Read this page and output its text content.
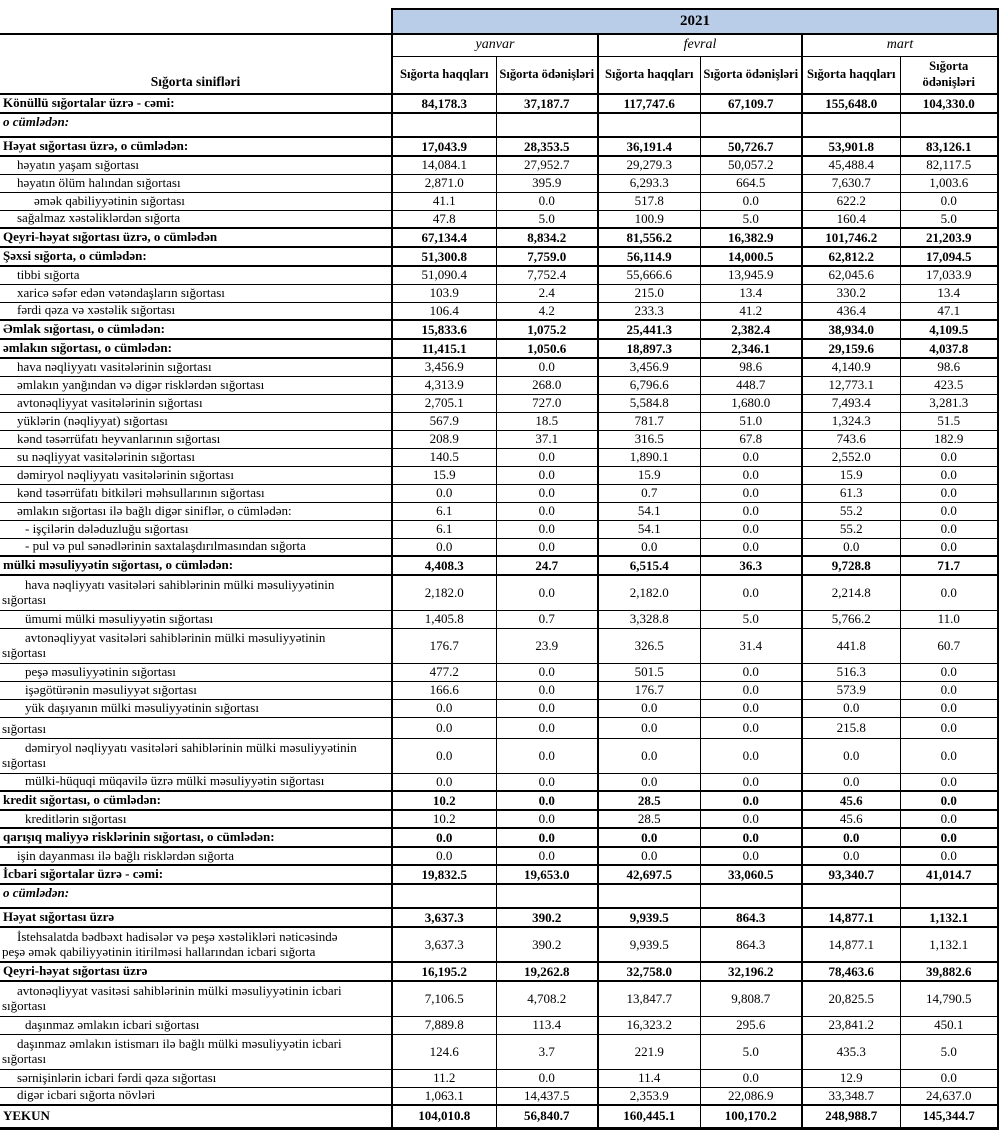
	2021					
Sığorta sinifləri	yanvar		fevral		mart	
	Sığorta haqqları	Sığorta ödənişləri	Sığorta haqqları	Sığorta ödənişləri	Sığorta haqqları	Sığorta ödənişləri

Könüllü sığortalar üzrə - cəmi:	84,178.3	37,187.7	117,747.6	67,109.7	155,648.0	104,330.0

o cümlədən:						

Həyat sığortası üzrə, o cümlədən:	17,043.9	28,353.5	36,191.4	50,726.7	53,901.8	83,126.1

həyatın yaşam sığortası	14,084.1	27,952.7	29,279.3	50,057.2	45,488.4	82,117.5

həyatın ölüm halından sığortası	2,871.0	395.9	6,293.3	664.5	7,630.7	1,003.6

əmək qabiliyyətinin sığortası	41.1	0.0	517.8	0.0	622.2	0.0

sağalmaz xəstəliklərdən sığorta	47.8	5.0	100.9	5.0	160.4	5.0

Qeyri-həyat sığortası üzrə, o cümlədən	67,134.4	8,834.2	81,556.2	16,382.9	101,746.2	21,203.9

Şəxsi sığorta, o cümlədən:	51,300.8	7,759.0	56,114.9	14,000.5	62,812.2	17,094.5

tibbi sığorta	51,090.4	7,752.4	55,666.6	13,945.9	62,045.6	17,033.9

xaricə səfər edən vətəndaşların sığortası	103.9	2.4	215.0	13.4	330.2	13.4

fərdi qəza və xəstəlik sığortası	106.4	4.2	233.3	41.2	436.4	47.1

Əmlak sığortası, o cümlədən:	15,833.6	1,075.2	25,441.3	2,382.4	38,934.0	4,109.5

əmlakın sığortası, o cümlədən:	11,415.1	1,050.6	18,897.3	2,346.1	29,159.6	4,037.8

hava nəqliyyatı vasitələrinin sığortası	3,456.9	0.0	3,456.9	98.6	4,140.9	98.6

əmlakın yanğından və digər risklərdən sığortası	4,313.9	268.0	6,796.6	448.7	12,773.1	423.5

avtonəqliyyat vasitələrinin sığortası	2,705.1	727.0	5,584.8	1,680.0	7,493.4	3,281.3

yüklərin (nəqliyyat) sığortası	567.9	18.5	781.7	51.0	1,324.3	51.5

kənd təsərrüfatı heyvanlarının sığortası	208.9	37.1	316.5	67.8	743.6	182.9

su nəqliyyat vasitələrinin sığortası	140.5	0.0	1,890.1	0.0	2,552.0	0.0

dəmiryol nəqliyyatı vasitələrinin sığortası	15.9	0.0	15.9	0.0	15.9	0.0

kənd təsərrüfatı bitkiləri məhsullarının sığortası	0.0	0.0	0.7	0.0	61.3	0.0

əmlakın sığortası ilə bağlı digər siniflər, o cümlədən:	6.1	0.0	54.1	0.0	55.2	0.0

- işçilərin dələduzluğu sığortası	6.1	0.0	54.1	0.0	55.2	0.0

- pul və pul sənədlərinin saxtalaşdırılmasından sığorta	0.0	0.0	0.0	0.0	0.0	0.0

mülki məsuliyyətin sığortası, o cümlədən:	4,408.3	24.7	6,515.4	36.3	9,728.8	71.7

hava nəqliyyatı vasitələri sahiblərinin mülki məsuliyyətinin
sığortası	2,182.0	0.0	2,182.0	0.0	2,214.8	0.0

ümumi mülki məsuliyyətin sığortası	1,405.8	0.7	3,328.8	5.0	5,766.2	11.0

avtonəqliyyat vasitələri sahiblərinin mülki məsuliyyətinin
sığortası	176.7	23.9	326.5	31.4	441.8	60.7

peşə məsuliyyətinin sığortası	477.2	0.0	501.5	0.0	516.3	0.0

işəgötürənin məsuliyyət sığortası	166.6	0.0	176.7	0.0	573.9	0.0

yük daşıyanın mülki məsuliyyətinin sığortası	0.0	0.0	0.0	0.0	0.0	0.0

sığortası	0.0	0.0	0.0	0.0	215.8	0.0

dəmiryol nəqliyyatı vasitələri sahiblərinin mülki məsuliyyətinin
sığortası	0.0	0.0	0.0	0.0	0.0	0.0

mülki-hüquqi müqavilə üzrə mülki məsuliyyətin sığortası	0.0	0.0	0.0	0.0	0.0	0.0

kredit sığortası, o cümlədən:	10.2	0.0	28.5	0.0	45.6	0.0

kreditlərin sığortası	10.2	0.0	28.5	0.0	45.6	0.0

qarışıq maliyyə risklərinin sığortası, o cümlədən:	0.0	0.0	0.0	0.0	0.0	0.0

işin dayanması ilə bağlı risklərdən sığorta	0.0	0.0	0.0	0.0	0.0	0.0

İcbari sığortalar üzrə - cəmi:	19,832.5	19,653.0	42,697.5	33,060.5	93,340.7	41,014.7

o cümlədən:						

Həyat sığortası üzrə	3,637.3	390.2	9,939.5	864.3	14,877.1	1,132.1

İstehsalatda bədbəxt hadisələr və peşə xəstəlikləri nəticəsində
peşə əmək qabiliyyətinin itirilməsi hallarından icbari sığorta	3,637.3	390.2	9,939.5	864.3	14,877.1	1,132.1

Qeyri-həyat sığortası üzrə	16,195.2	19,262.8	32,758.0	32,196.2	78,463.6	39,882.6

avtonəqliyyat vasitəsi sahiblərinin mülki məsuliyyətinin icbari
sığortası	7,106.5	4,708.2	13,847.7	9,808.7	20,825.5	14,790.5

daşınmaz əmlakın icbari sığortası	7,889.8	113.4	16,323.2	295.6	23,841.2	450.1

daşınmaz əmlakın istismarı ilə bağlı mülki məsuliyyətin icbari
sığortası	124.6	3.7	221.9	5.0	435.3	5.0

sərnişinlərin icbari fərdi qəza sığortası	11.2	0.0	11.4	0.0	12.9	0.0

digər icbari sığorta növləri	1,063.1	14,437.5	2,353.9	22,086.9	33,348.7	24,637.0

YEKUN	104,010.8	56,840.7	160,445.1	100,170.2	248,988.7	145,344.7
